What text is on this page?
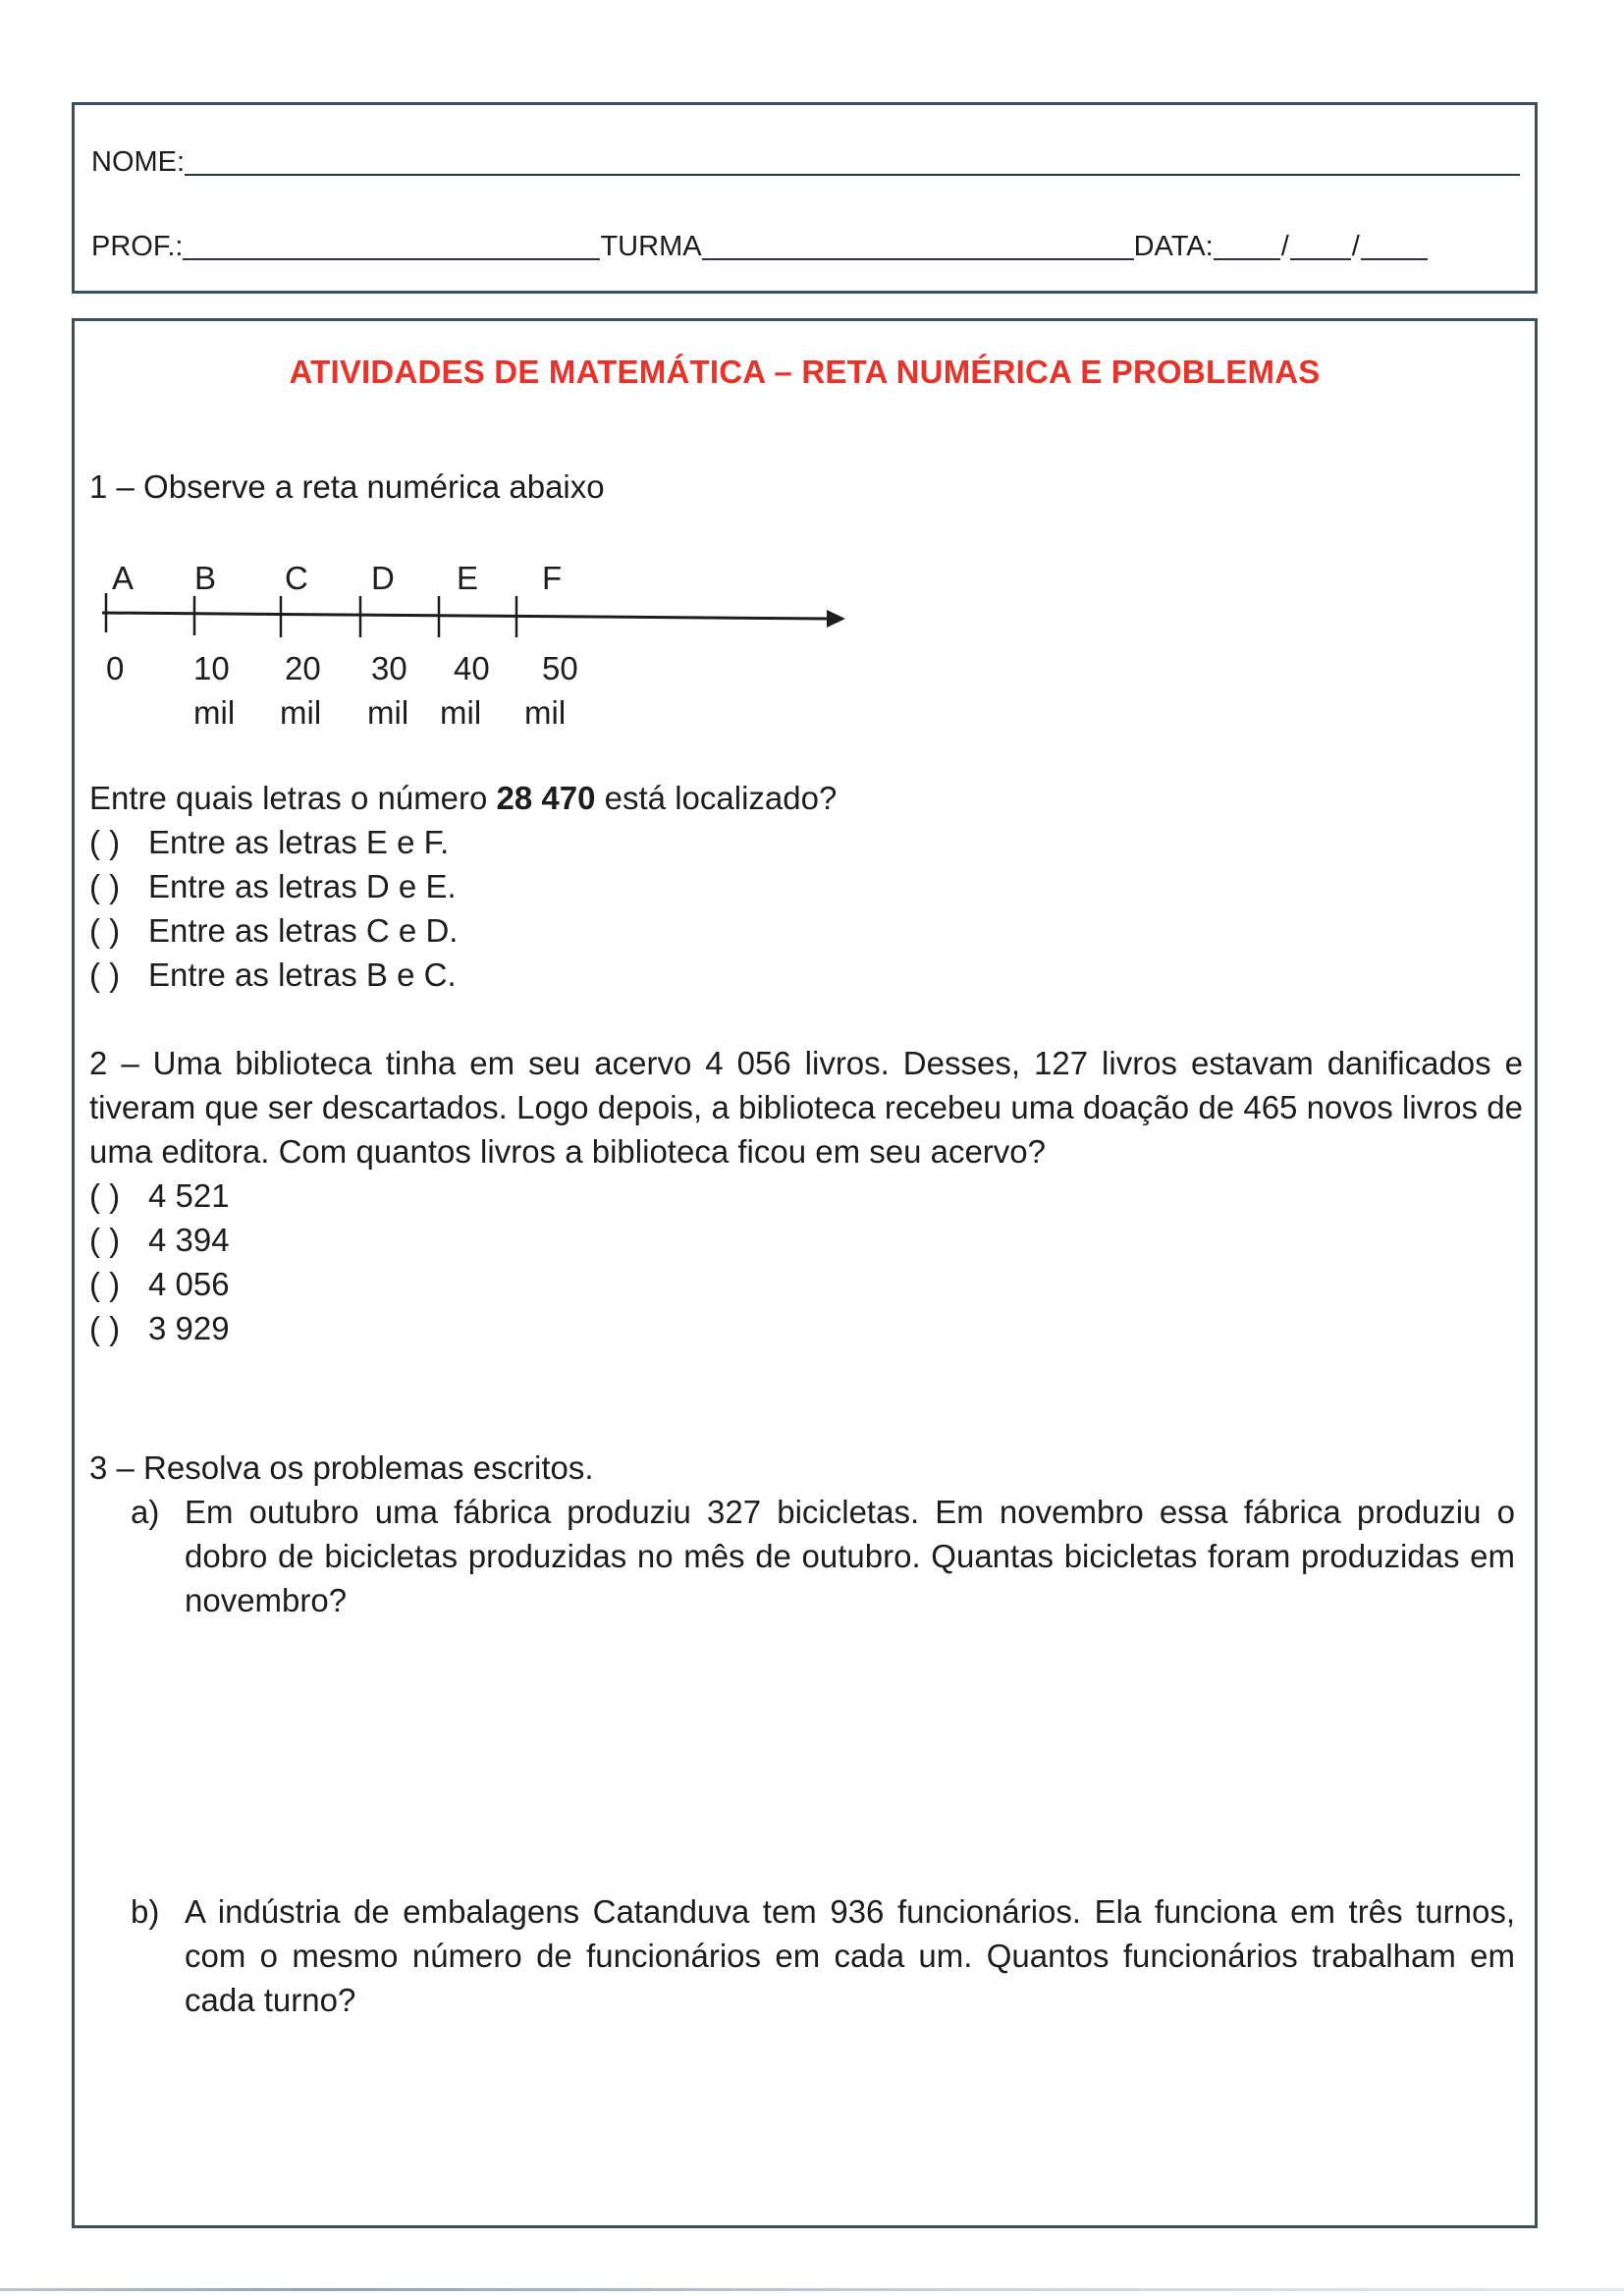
NOME:
PROF.:	TURMA	DATA: / /
ATIVIDADES DE MATEMÁTICA – RETA NUMÉRICA E PROBLEMAS

1 – Observe a reta numérica abaixo

A B C D E F
0 10 20 30 40 50
mil mil mil mil mil

Entre quais letras o número 28 470 está localizado?

( ) Entre as letras E e F.
( ) Entre as letras D e E.
( ) Entre as letras C e D.
( ) Entre as letras B e C.

2 – Uma biblioteca tinha em seu acervo 4 056 livros. Desses, 127 livros estavam danificados e tiveram que ser descartados. Logo depois, a biblioteca recebeu uma doação de 465 novos livros de uma editora. Com quantos livros a biblioteca ficou em seu acervo?

( ) 4 521
( ) 4 394
( ) 4 056
( ) 3 929

3 – Resolva os problemas escritos.

a) Em outubro uma fábrica produziu 327 bicicletas. Em novembro essa fábrica produziu o dobro de bicicletas produzidas no mês de outubro. Quantas bicicletas foram produzidas em novembro?
b) A indústria de embalagens Catanduva tem 936 funcionários. Ela funciona em três turnos, com o mesmo número de funcionários em cada um. Quantos funcionários trabalham em cada turno?
